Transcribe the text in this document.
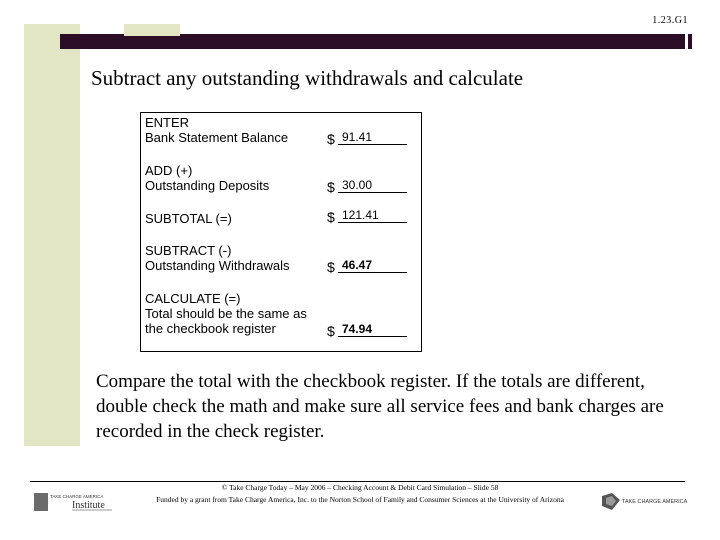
1.23.G1
Subtract any outstanding withdrawals and calculate
ENTER
Bank Statement Balance	$ 91.41
ADD (+)
Outstanding Deposits	$ 30.00
SUBTOTAL (=)	$ 121.41
SUBTRACT (-)
Outstanding Withdrawals	$ 46.47
CALCULATE (=)
Total should be the same as
the checkbook register	$ 74.94
Compare the total with the checkbook register. If the totals are different, double check the math and make sure all service fees and bank charges are recorded in the check register.
© Take Charge Today – May 2006 – Checking Account & Debit Card Simulation – Slide 58
Funded by a grant from Take Charge America, Inc. to the Norton School of Family and Consumer Sciences at the University of Arizona
TAKE CHARGE AMERICA
Institute	TAKE CHARGE AMERICA
